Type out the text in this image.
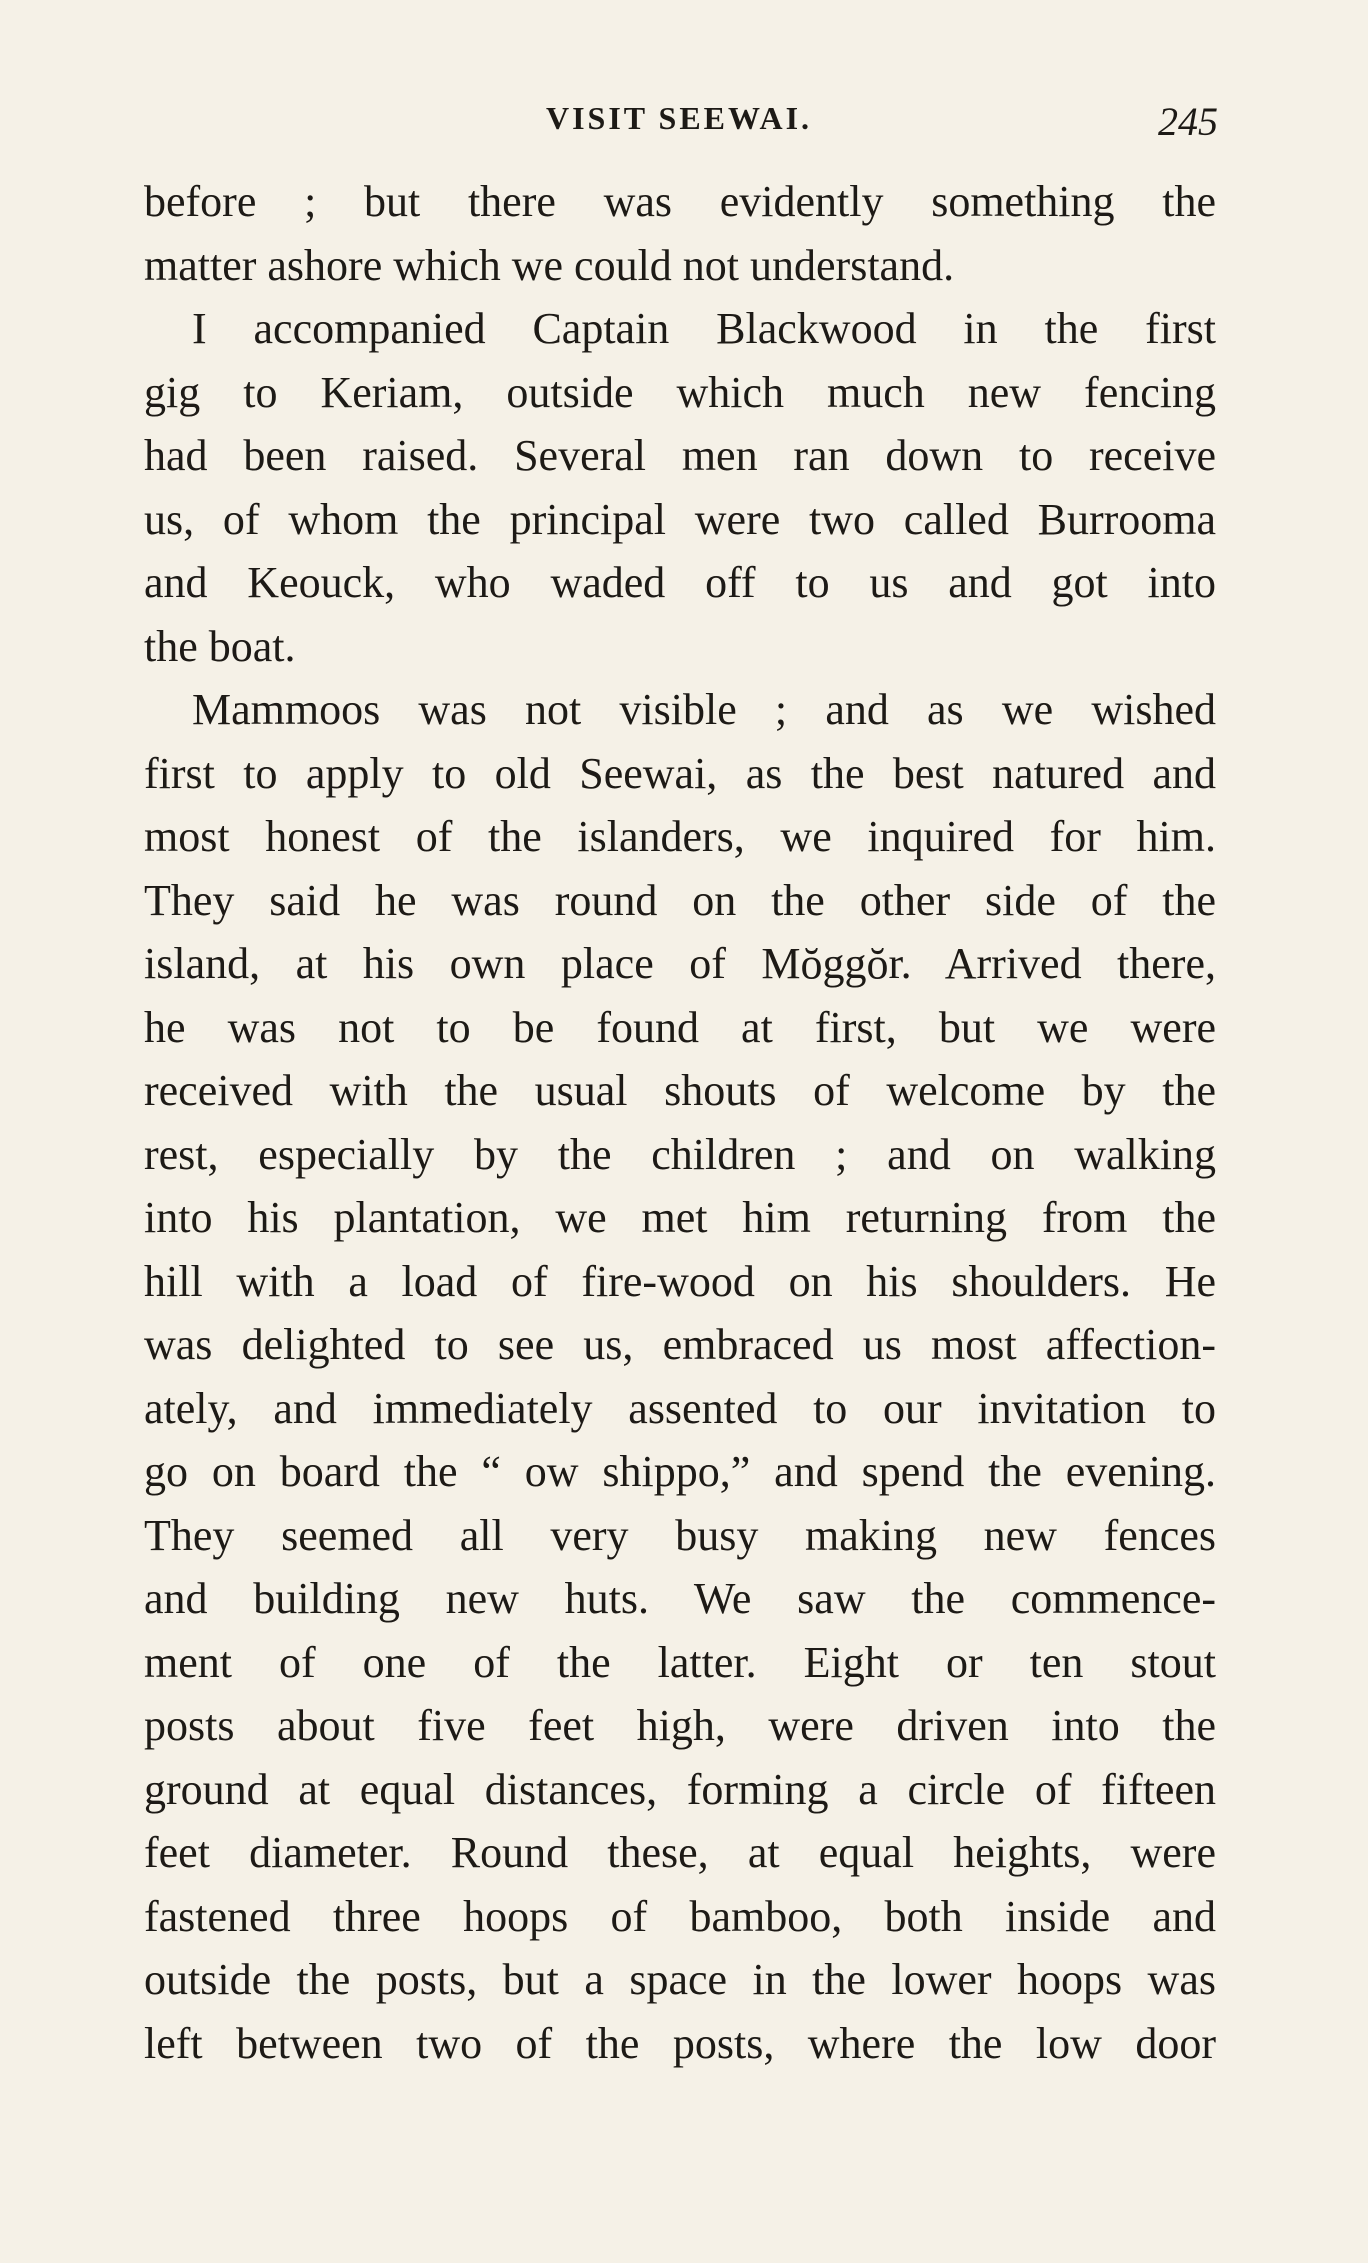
VISIT SEEWAI.	245
before ; but there was evidently something the
matter ashore which we could not understand.
I accompanied Captain Blackwood in the first
gig to Keriam, outside which much new fencing
had been raised. Several men ran down to receive
us, of whom the principal were two called Burrooma
and Keouck, who waded off to us and got into
the boat.
Mammoos was not visible ; and as we wished
first to apply to old Seewai, as the best natured and
most honest of the islanders, we inquired for him.
They said he was round on the other side of the
island, at his own place of Mŏggŏr. Arrived there,
he was not to be found at first, but we were
received with the usual shouts of welcome by the
rest, especially by the children ; and on walking
into his plantation, we met him returning from the
hill with a load of fire-wood on his shoulders. He
was delighted to see us, embraced us most affection-
ately, and immediately assented to our invitation to
go on board the “ ow shippo,” and spend the evening.
They seemed all very busy making new fences
and building new huts. We saw the commence-
ment of one of the latter. Eight or ten stout
posts about five feet high, were driven into the
ground at equal distances, forming a circle of fifteen
feet diameter. Round these, at equal heights, were
fastened three hoops of bamboo, both inside and
outside the posts, but a space in the lower hoops was
left between two of the posts, where the low door
